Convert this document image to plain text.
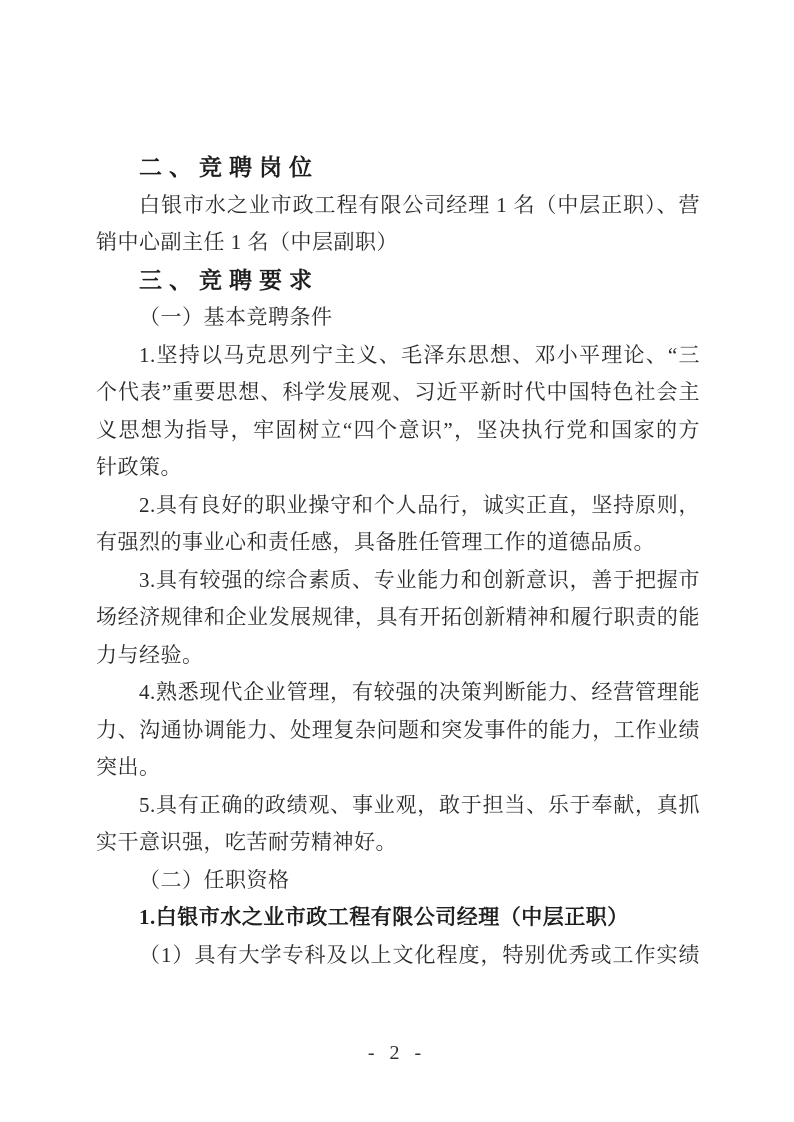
二、竞聘岗位
白银市水之业市政工程有限公司经理 1 名（中层正职）、营
销中心副主任 1 名（中层副职）
三、竞聘要求
（一）基本竞聘条件
1.坚持以马克思列宁主义、毛泽东思想、邓小平理论、“三
个代表”重要思想、科学发展观、习近平新时代中国特色社会主
义思想为指导，牢固树立“四个意识”，坚决执行党和国家的方
针政策。
2.具有良好的职业操守和个人品行，诚实正直，坚持原则，
有强烈的事业心和责任感，具备胜任管理工作的道德品质。
3.具有较强的综合素质、专业能力和创新意识，善于把握市
场经济规律和企业发展规律，具有开拓创新精神和履行职责的能
力与经验。
4.熟悉现代企业管理，有较强的决策判断能力、经营管理能
力、沟通协调能力、处理复杂问题和突发事件的能力，工作业绩
突出。
5.具有正确的政绩观、事业观，敢于担当、乐于奉献，真抓
实干意识强，吃苦耐劳精神好。
（二）任职资格
1.白银市水之业市政工程有限公司经理（中层正职）
（1）具有大学专科及以上文化程度，特别优秀或工作实绩
- 2 -
